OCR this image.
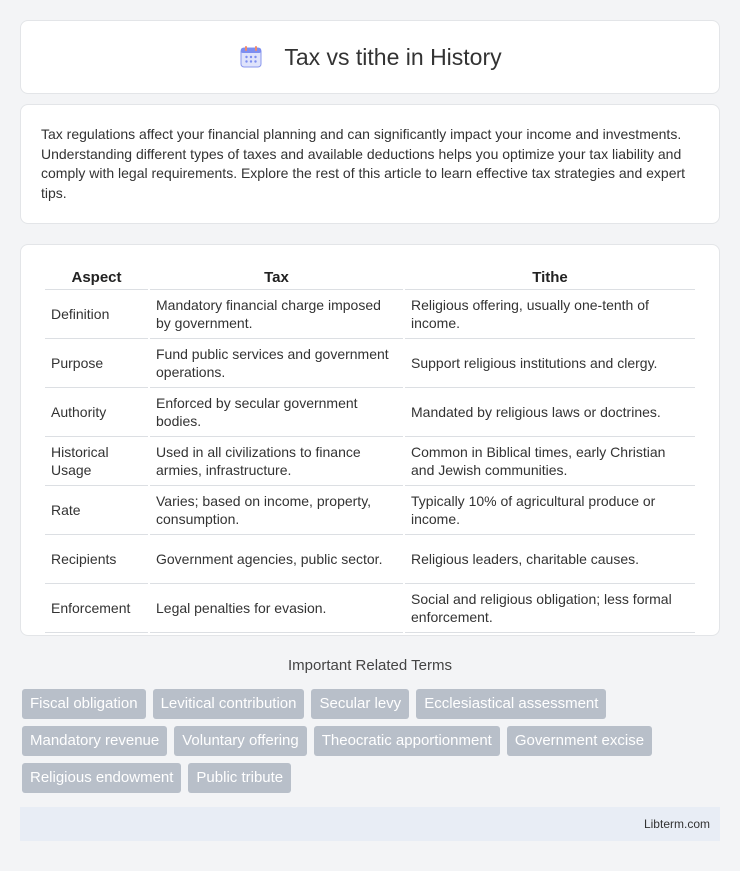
Tax vs tithe in History

Tax regulations affect your financial planning and can significantly impact your income and investments. Understanding different types of taxes and available deductions helps you optimize your tax liability and comply with legal requirements. Explore the rest of this article to learn effective tax strategies and expert tips.

Aspect	Tax	Tithe
Definition	Mandatory financial charge imposed by government.	Religious offering, usually one-tenth of income.
Purpose	Fund public services and government operations.	Support religious institutions and clergy.
Authority	Enforced by secular government bodies.	Mandated by religious laws or doctrines.
Historical Usage	Used in all civilizations to finance armies, infrastructure.	Common in Biblical times, early Christian and Jewish communities.
Rate	Varies; based on income, property, consumption.	Typically 10% of agricultural produce or income.
Recipients	Government agencies, public sector.	Religious leaders, charitable causes.
Enforcement	Legal penalties for evasion.	Social and religious obligation; less formal enforcement.
Important Related Terms
Fiscal obligation	Levitical contribution	Secular levy	Ecclesiastical assessment
Mandatory revenue	Voluntary offering	Theocratic apportionment	Government excise
Religious endowment	Public tribute
Libterm.com
